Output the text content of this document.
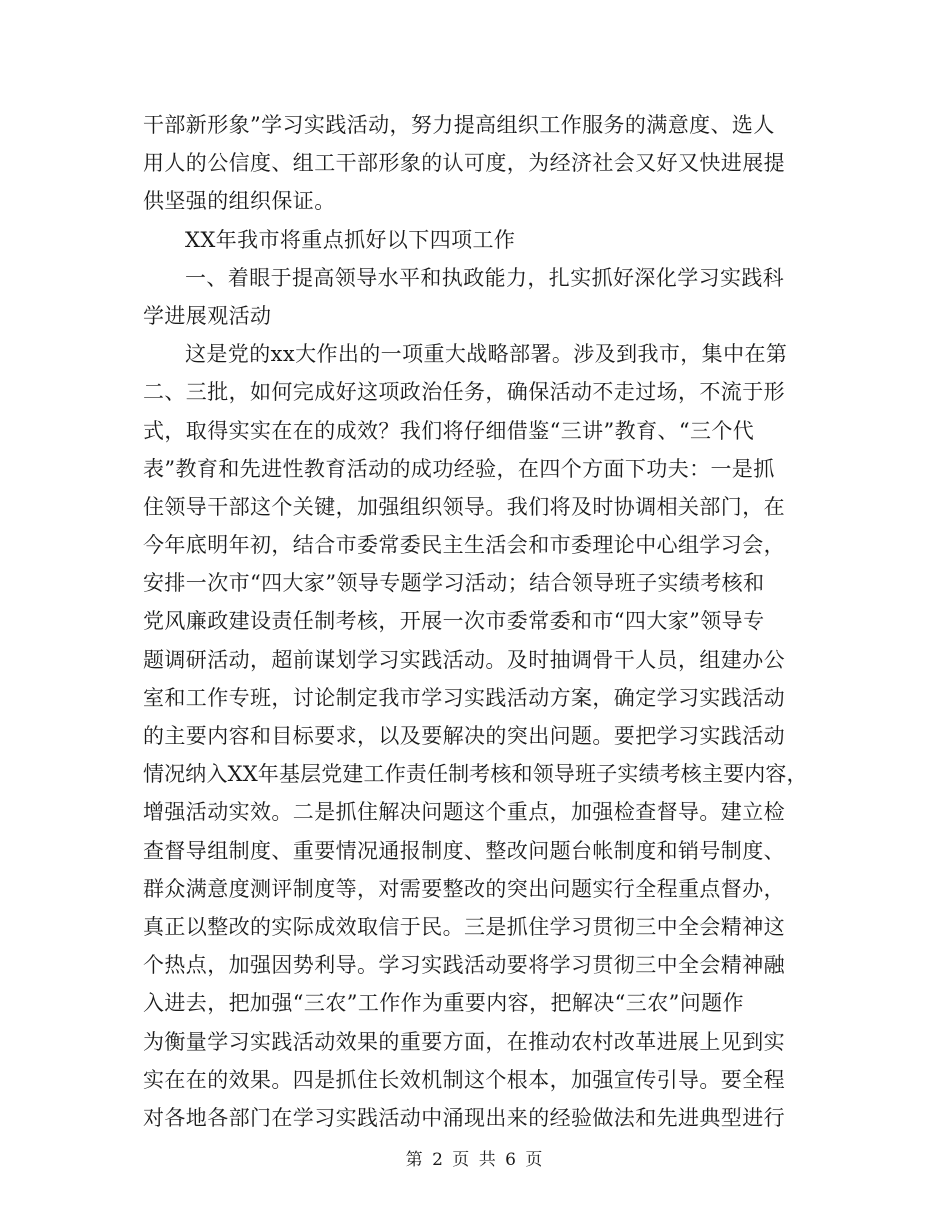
干部新形象”学习实践活动，努力提高组织工作服务的满意度、选人

用人的公信度、组工干部形象的认可度，为经济社会又好又快进展提

供坚强的组织保证。

XX年我市将重点抓好以下四项工作

一、着眼于提高领导水平和执政能力，扎实抓好深化学习实践科

学进展观活动

这是党的xx大作出的一项重大战略部署。涉及到我市，集中在第

二、三批，如何完成好这项政治任务，确保活动不走过场，不流于形

式，取得实实在在的成效？我们将仔细借鉴“三讲”教育、“三个代

表”教育和先进性教育活动的成功经验，在四个方面下功夫：一是抓

住领导干部这个关键，加强组织领导。我们将及时协调相关部门，在

今年底明年初，结合市委常委民主生活会和市委理论中心组学习会，

安排一次市“四大家”领导专题学习活动；结合领导班子实绩考核和

党风廉政建设责任制考核，开展一次市委常委和市“四大家”领导专

题调研活动，超前谋划学习实践活动。及时抽调骨干人员，组建办公

室和工作专班，讨论制定我市学习实践活动方案，确定学习实践活动

的主要内容和目标要求，以及要解决的突出问题。要把学习实践活动

情况纳入XX年基层党建工作责任制考核和领导班子实绩考核主要内容，

增强活动实效。二是抓住解决问题这个重点，加强检查督导。建立检

查督导组制度、重要情况通报制度、整改问题台帐制度和销号制度、

群众满意度测评制度等，对需要整改的突出问题实行全程重点督办，

真正以整改的实际成效取信于民。三是抓住学习贯彻三中全会精神这

个热点，加强因势利导。学习实践活动要将学习贯彻三中全会精神融

入进去，把加强“三农”工作作为重要内容，把解决“三农”问题作

为衡量学习实践活动效果的重要方面，在推动农村改革进展上见到实

实在在的效果。四是抓住长效机制这个根本，加强宣传引导。要全程

对各地各部门在学习实践活动中涌现出来的经验做法和先进典型进行

第 2 页 共 6 页
